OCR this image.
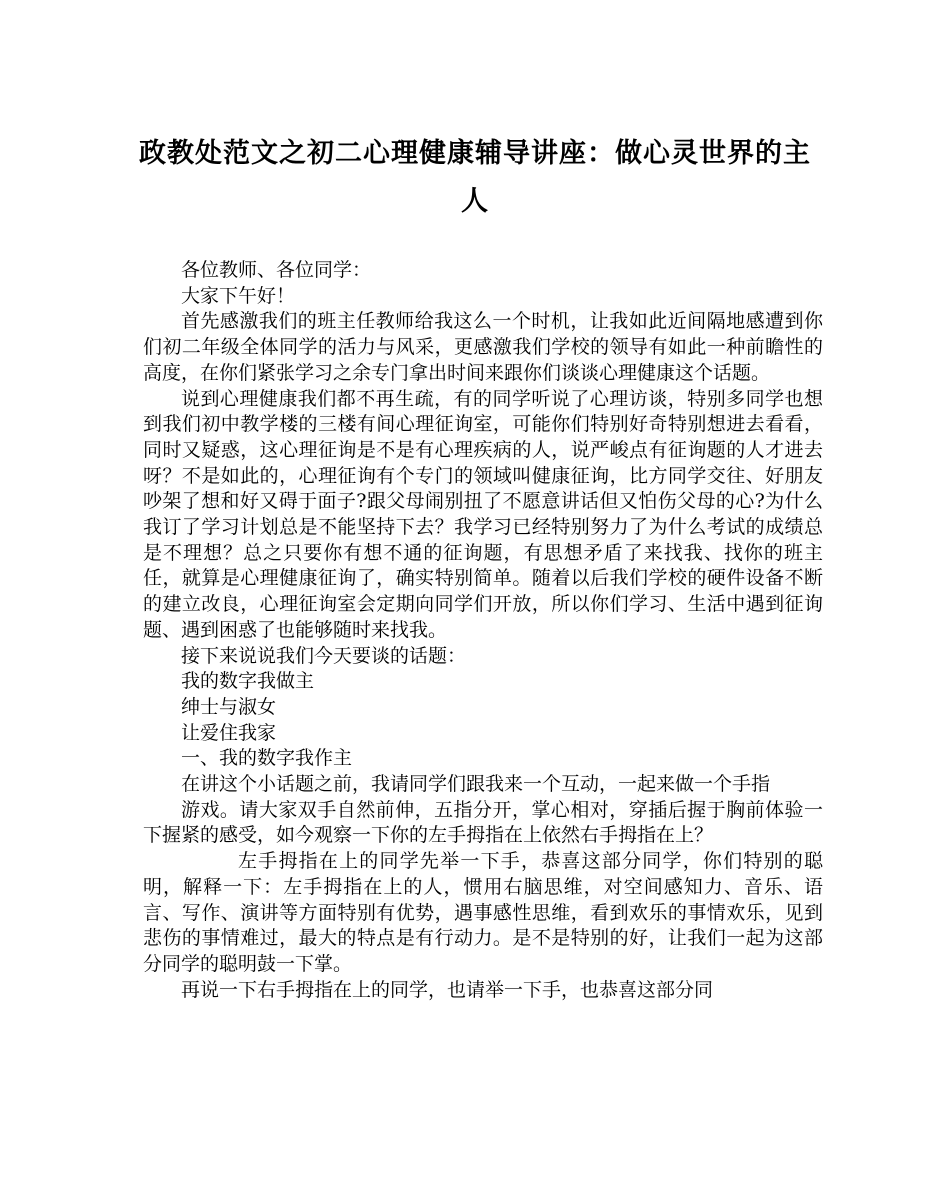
政教处范文之初二心理健康辅导讲座：做心灵世界的主人

各位教师、各位同学：

大家下午好！

首先感激我们的班主任教师给我这么一个时机，让我如此近间隔地感遭到你们初二年级全体同学的活力与风采，更感激我们学校的领导有如此一种前瞻性的高度，在你们紧张学习之余专门拿出时间来跟你们谈谈心理健康这个话题。

说到心理健康我们都不再生疏，有的同学听说了心理访谈，特别多同学也想到我们初中教学楼的三楼有间心理征询室，可能你们特别好奇特别想进去看看，同时又疑惑，这心理征询是不是有心理疾病的人，说严峻点有征询题的人才进去呀？不是如此的，心理征询有个专门的领域叫健康征询，比方同学交往、好朋友吵架了想和好又碍于面子?跟父母闹别扭了不愿意讲话但又怕伤父母的心?为什么我订了学习计划总是不能坚持下去？我学习已经特别努力了为什么考试的成绩总是不理想？总之只要你有想不通的征询题，有思想矛盾了来找我、找你的班主任，就算是心理健康征询了，确实特别简单。随着以后我们学校的硬件设备不断的建立改良，心理征询室会定期向同学们开放，所以你们学习、生活中遇到征询题、遇到困惑了也能够随时来找我。

接下来说说我们今天要谈的话题：

我的数字我做主

绅士与淑女

让爱住我家

一、我的数字我作主

在讲这个小话题之前，我请同学们跟我来一个互动，一起来做一个手指

游戏。请大家双手自然前伸，五指分开，掌心相对，穿插后握于胸前体验一下握紧的感受，如今观察一下你的左手拇指在上依然右手拇指在上？

左手拇指在上的同学先举一下手，恭喜这部分同学，你们特别的聪明，解释一下：左手拇指在上的人，惯用右脑思维，对空间感知力、音乐、语言、写作、演讲等方面特别有优势，遇事感性思维，看到欢乐的事情欢乐，见到悲伤的事情难过，最大的特点是有行动力。是不是特别的好，让我们一起为这部分同学的聪明鼓一下掌。

再说一下右手拇指在上的同学，也请举一下手，也恭喜这部分同
